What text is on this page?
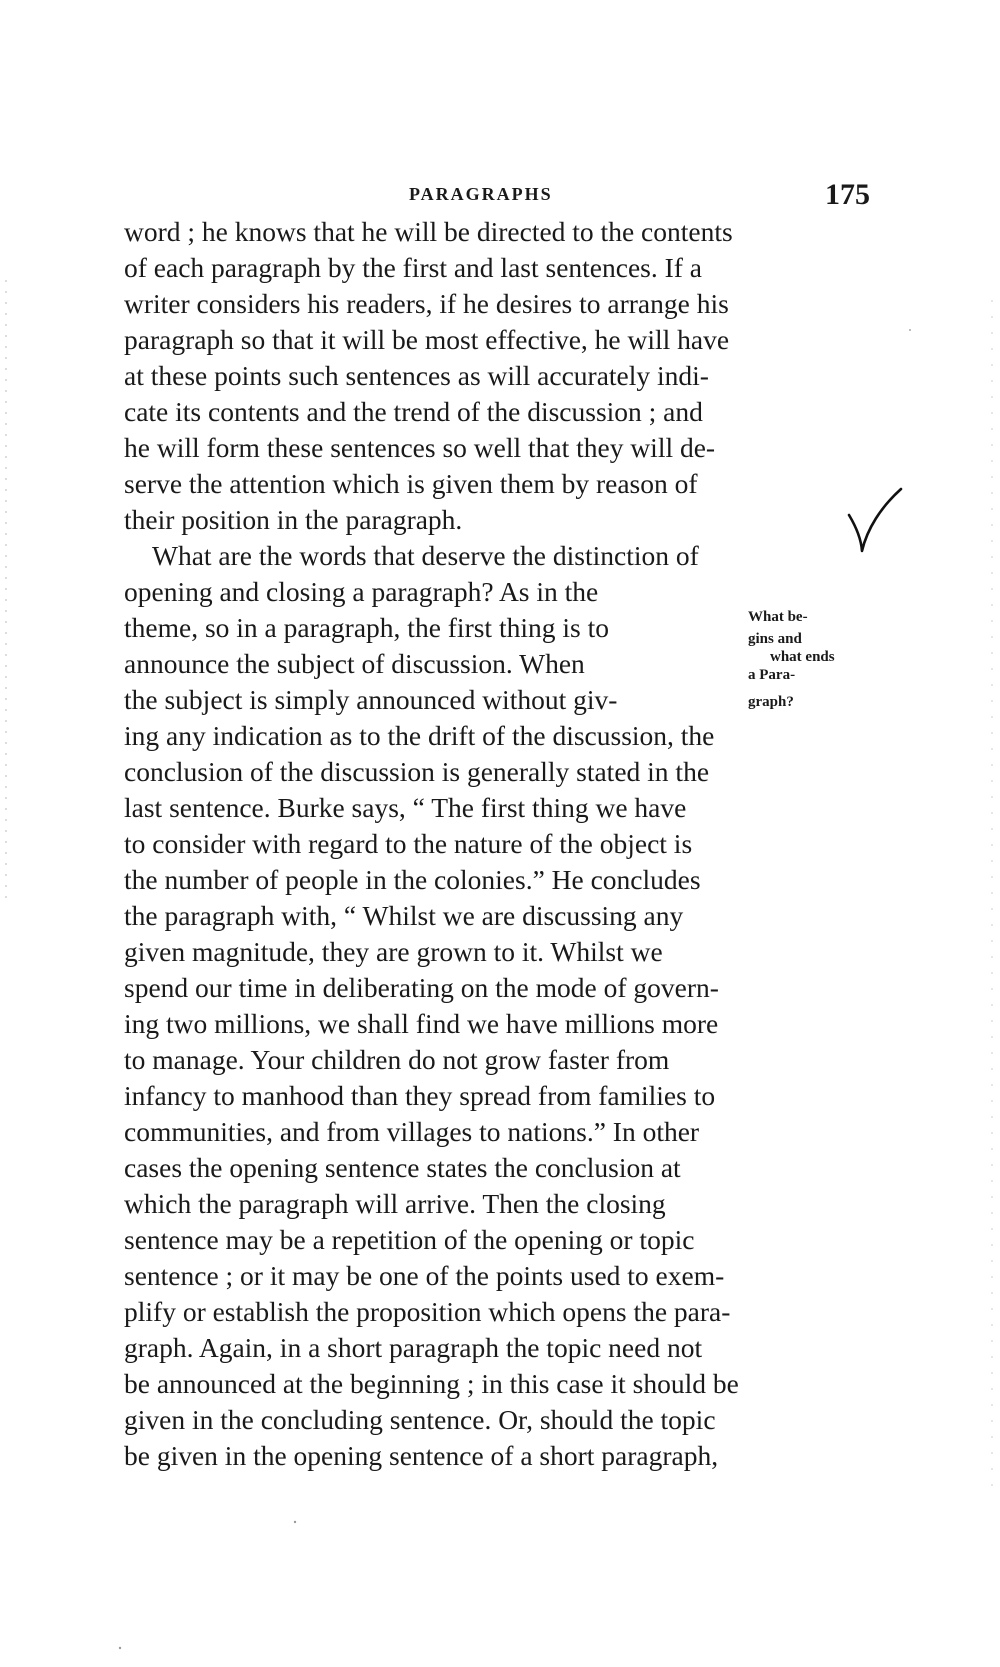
PARAGRAPHS	175
word ; he knows that he will be directed to the contents
of each paragraph by the first and last sentences. If a
writer considers his readers, if he desires to arrange his
paragraph so that it will be most effective, he will have
at these points such sentences as will accurately indi-
cate its contents and the trend of the discussion ; and
he will form these sentences so well that they will de-
serve the attention which is given them by reason of
their position in the paragraph.
What are the words that deserve the distinction of
opening and closing a paragraph? As in the
theme, so in a paragraph, the first thing is to
announce the subject of discussion. When
the subject is simply announced without giv-
ing any indication as to the drift of the discussion, the
conclusion of the discussion is generally stated in the
last sentence. Burke says, “ The first thing we have
to consider with regard to the nature of the object is
the number of people in the colonies.” He concludes
the paragraph with, “ Whilst we are discussing any
given magnitude, they are grown to it. Whilst we
spend our time in deliberating on the mode of govern-
ing two millions, we shall find we have millions more
to manage. Your children do not grow faster from
infancy to manhood than they spread from families to
communities, and from villages to nations.” In other
cases the opening sentence states the conclusion at
which the paragraph will arrive. Then the closing
sentence may be a repetition of the opening or topic
sentence ; or it may be one of the points used to exem-
plify or establish the proposition which opens the para-
graph. Again, in a short paragraph the topic need not
be announced at the beginning ; in this case it should be
given in the concluding sentence. Or, should the topic
be given in the opening sentence of a short paragraph,
What be-
gins and
what ends
a Para-
graph?
